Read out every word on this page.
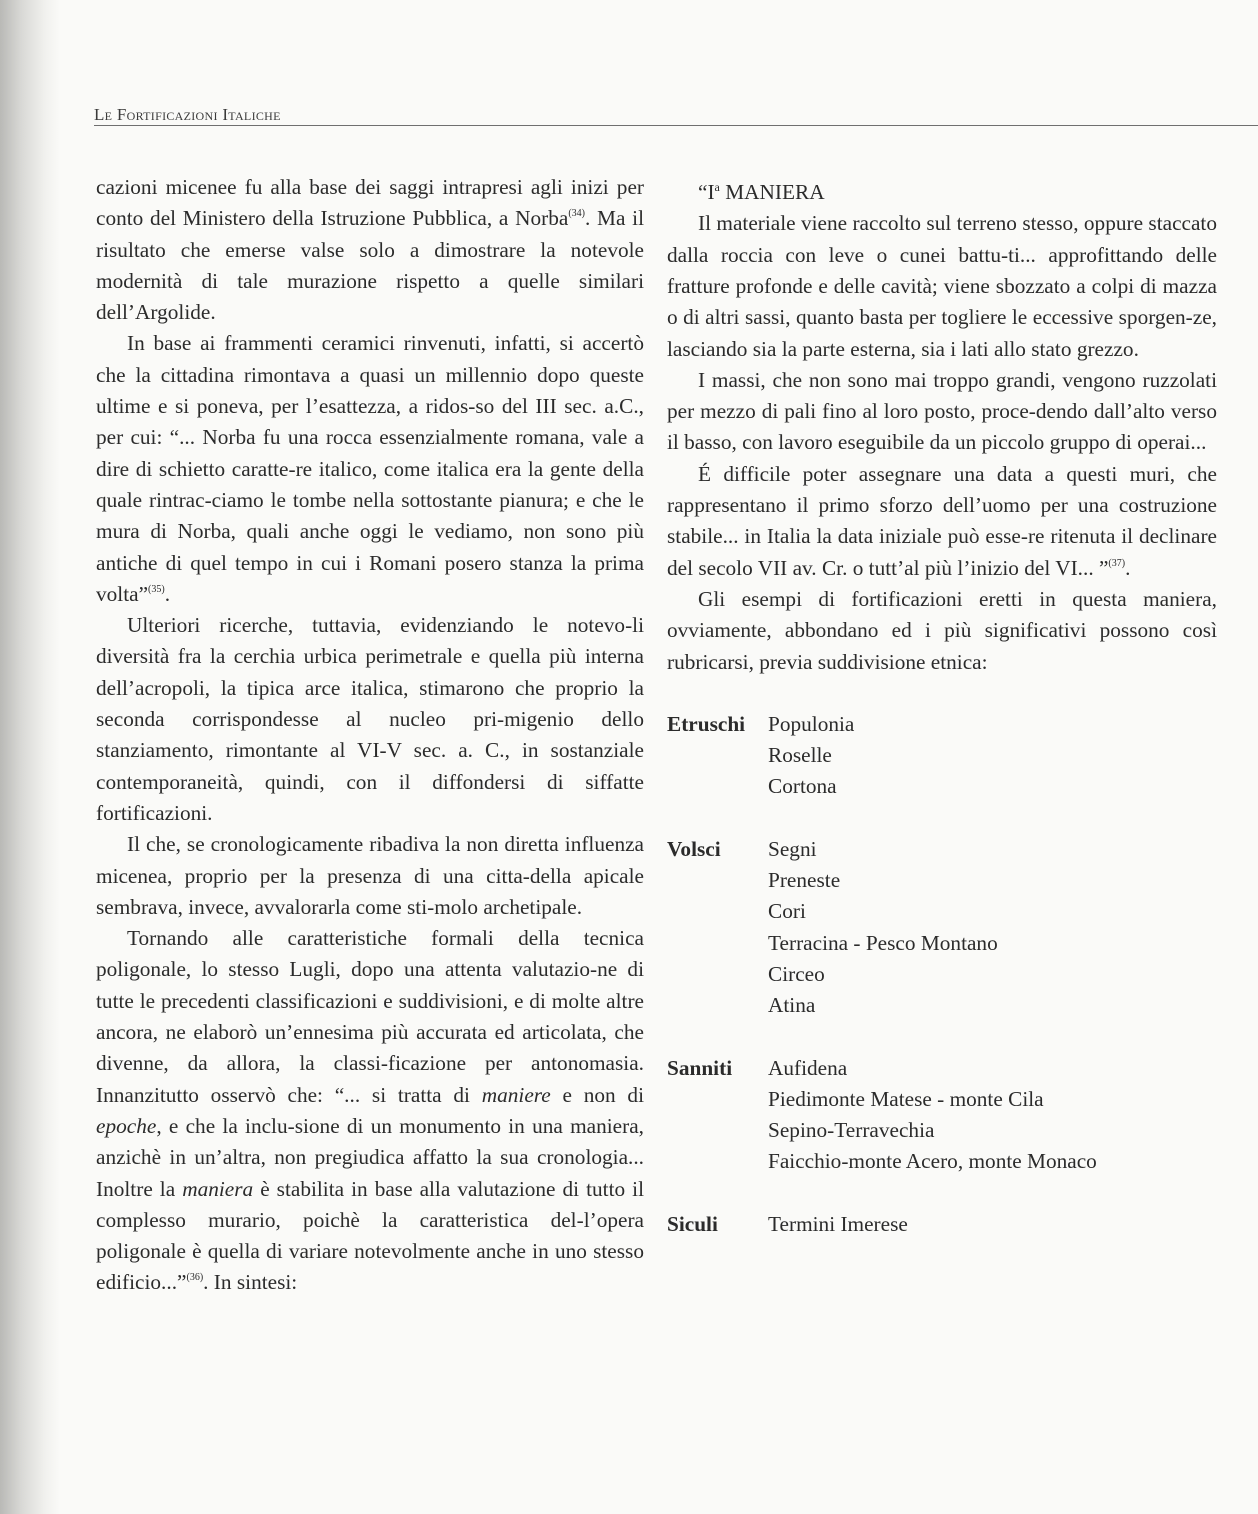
Le Fortificazioni Italiche

cazioni micenee fu alla base dei saggi intrapresi agli inizi per conto del Ministero della Istruzione Pubblica, a Norba$^{(34)}$. Ma il risultato che emerse valse solo a dimostrare la notevole modernità di tale murazione rispetto a quelle similari dell’Argolide.

In base ai frammenti ceramici rinvenuti, infatti, si accertò che la cittadina rimontava a quasi un millennio dopo queste ultime e si poneva, per l’esattezza, a ridos-so del III sec. a.C., per cui: “... Norba fu una rocca essenzialmente romana, vale a dire di schietto caratte-re italico, come italica era la gente della quale rintrac-ciamo le tombe nella sottostante pianura; e che le mura di Norba, quali anche oggi le vediamo, non sono più antiche di quel tempo in cui i Romani posero stanza la prima volta”$^{(35)}$.

Ulteriori ricerche, tuttavia, evidenziando le notevo-li diversità fra la cerchia urbica perimetrale e quella più interna dell’acropoli, la tipica arce italica, stimarono che proprio la seconda corrispondesse al nucleo pri-migenio dello stanziamento, rimontante al VI-V sec. a. C., in sostanziale contemporaneità, quindi, con il diffondersi di siffatte fortificazioni.

Il che, se cronologicamente ribadiva la non diretta influenza micenea, proprio per la presenza di una citta-della apicale sembrava, invece, avvalorarla come sti-molo archetipale.

Tornando alle caratteristiche formali della tecnica poligonale, lo stesso Lugli, dopo una attenta valutazio-ne di tutte le precedenti classificazioni e suddivisioni, e di molte altre ancora, ne elaborò un’ennesima più accurata ed articolata, che divenne, da allora, la classi-ficazione per antonomasia. Innanzitutto osservò che: “... si tratta di maniere e non di epoche, e che la inclu-sione di un monumento in una maniera, anzichè in un’altra, non pregiudica affatto la sua cronologia... Inoltre la maniera è stabilita in base alla valutazione di tutto il complesso murario, poichè la caratteristica del-l’opera poligonale è quella di variare notevolmente anche in uno stesso edificio...”$^{(36)}$. In sintesi:

“$I^a$ MANIERA

Il materiale viene raccolto sul terreno stesso, oppure staccato dalla roccia con leve o cunei battu-ti... approfittando delle fratture profonde e delle cavità; viene sbozzato a colpi di mazza o di altri sassi, quanto basta per togliere le eccessive sporgen-ze, lasciando sia la parte esterna, sia i lati allo stato grezzo.

I massi, che non sono mai troppo grandi, vengono ruzzolati per mezzo di pali fino al loro posto, proce-dendo dall’alto verso il basso, con lavoro eseguibile da un piccolo gruppo di operai...

É difficile poter assegnare una data a questi muri, che rappresentano il primo sforzo dell’uomo per una costruzione stabile... in Italia la data iniziale può esse-re ritenuta il declinare del secolo VII av. Cr. o tutt’al più l’inizio del VI... ”$^{(37)}$.

Gli esempi di fortificazioni eretti in questa maniera, ovviamente, abbondano ed i più significativi possono così rubricarsi, previa suddivisione etnica:

Etruschi	Populonia
Roselle
Cortona
Volsci	Segni
Preneste
Cori
Terracina - Pesco Montano
Circeo
Atina
Sanniti	Aufidena
Piedimonte Matese - monte Cila
Sepino-Terravechia
Faicchio-monte Acero, monte Monaco
Siculi	Termini Imerese
